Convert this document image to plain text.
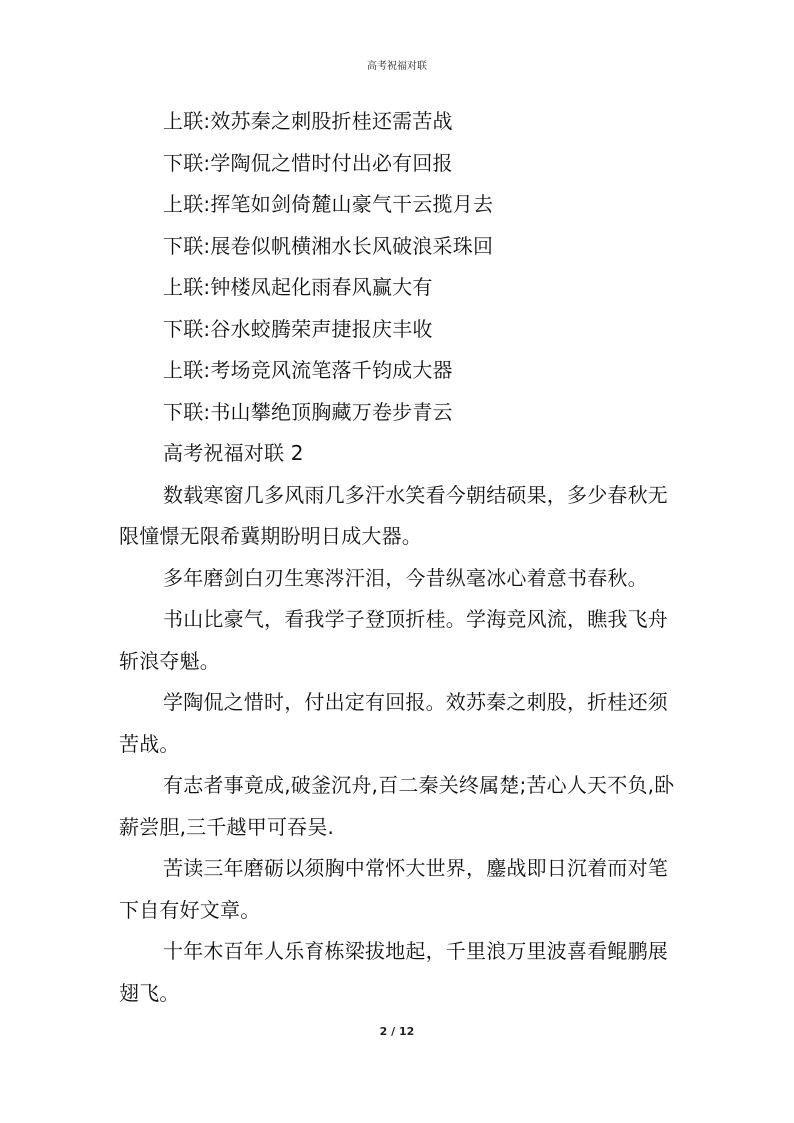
高考祝福对联
上联:效苏秦之刺股折桂还需苦战
下联:学陶侃之惜时付出必有回报
上联:挥笔如剑倚麓山豪气干云揽月去
下联:展卷似帆横湘水长风破浪采珠回
上联:钟楼凤起化雨春风赢大有
下联:谷水蛟腾荣声捷报庆丰收
上联:考场竞风流笔落千钧成大器
下联:书山攀绝顶胸藏万卷步青云
高考祝福对联 2

数载寒窗几多风雨几多汗水笑看今朝结硕果，多少春秋无限憧憬无限希冀期盼明日成大器。

多年磨剑白刃生寒涔汗泪，今昔纵毫冰心着意书春秋。

书山比豪气，看我学子登顶折桂。学海竞风流，瞧我飞舟斩浪夺魁。

学陶侃之惜时，付出定有回报。效苏秦之刺股，折桂还须苦战。

有志者事竟成,破釜沉舟,百二秦关终属楚;苦心人天不负,卧薪尝胆,三千越甲可吞吴.

苦读三年磨砺以须胸中常怀大世界，鏖战即日沉着而对笔下自有好文章。

十年木百年人乐育栋梁拔地起，千里浪万里波喜看鲲鹏展翅飞。

2 / 12
